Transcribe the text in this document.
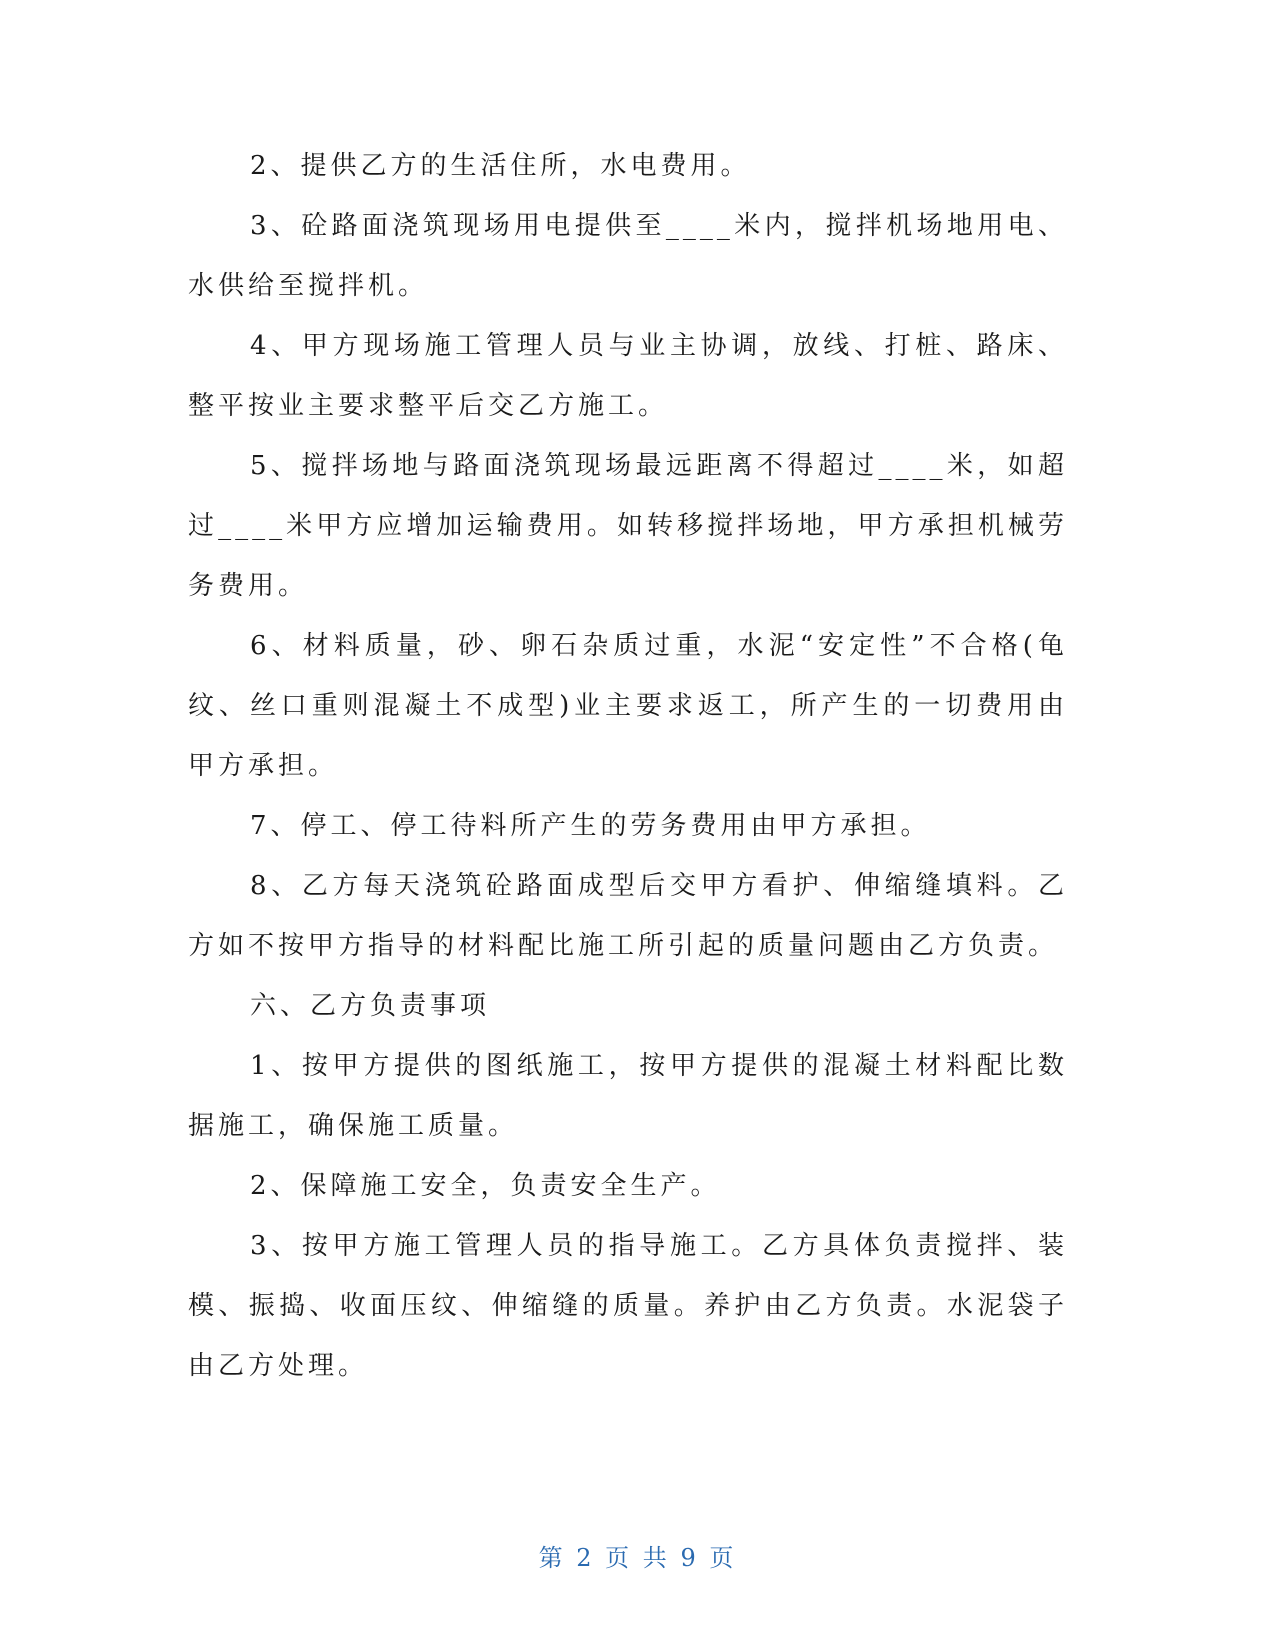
2、提供乙方的生活住所，水电费用。

3、砼路面浇筑现场用电提供至____米内，搅拌机场地用电、水供给至搅拌机。

4、甲方现场施工管理人员与业主协调，放线、打桩、路床、整平按业主要求整平后交乙方施工。

5、搅拌场地与路面浇筑现场最远距离不得超过____米，如超过____米甲方应增加运输费用。如转移搅拌场地，甲方承担机械劳务费用。

6、材料质量，砂、卵石杂质过重，水泥“安定性”不合格(龟纹、丝口重则混凝土不成型)业主要求返工，所产生的一切费用由甲方承担。

7、停工、停工待料所产生的劳务费用由甲方承担。

8、乙方每天浇筑砼路面成型后交甲方看护、伸缩缝填料。乙方如不按甲方指导的材料配比施工所引起的质量问题由乙方负责。

六、乙方负责事项

1、按甲方提供的图纸施工，按甲方提供的混凝土材料配比数据施工，确保施工质量。

2、保障施工安全，负责安全生产。

3、按甲方施工管理人员的指导施工。乙方具体负责搅拌、装模、振捣、收面压纹、伸缩缝的质量。养护由乙方负责。水泥袋子由乙方处理。

第 2 页 共 9 页
